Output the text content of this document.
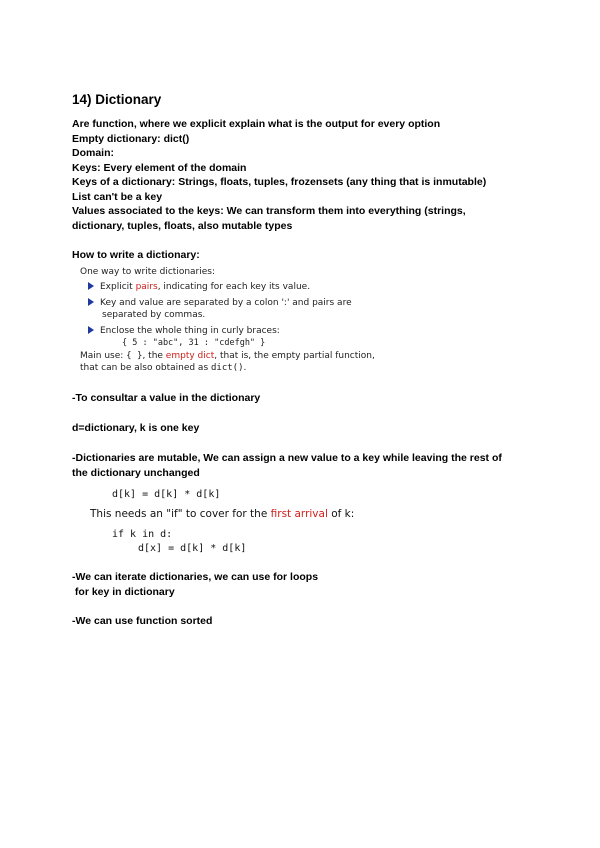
14) Dictionary
Are function, where we explicit explain what is the output for every option
Empty dictionary: dict()
Domain:
Keys: Every element of the domain
Keys of a dictionary: Strings, floats, tuples, frozensets (any thing that is inmutable)
List can't be a key
Values associated to the keys: We can transform them into everything (strings,
dictionary, tuples, floats, also mutable types
How to write a dictionary:
One way to write dictionaries:
Explicit pairs, indicating for each key its value.
Key and value are separated by a colon ':' and pairs are
separated by commas.
Enclose the whole thing in curly braces:
{ 5 : "abc", 31 : "cdefgh" }
Main use: { }, the empty dict, that is, the empty partial function,
that can be also obtained as dict().
-To consultar a value in the dictionary
d=dictionary, k is one key
-Dictionaries are mutable, We can assign a new value to a key while leaving the rest of
the dictionary unchanged
d[k] = d[k] * d[k]
This needs an "if" to cover for the first arrival of k:
if k in d:
d[x] = d[k] * d[k]
-We can iterate dictionaries, we can use for loops
for key in dictionary
-We can use function sorted
